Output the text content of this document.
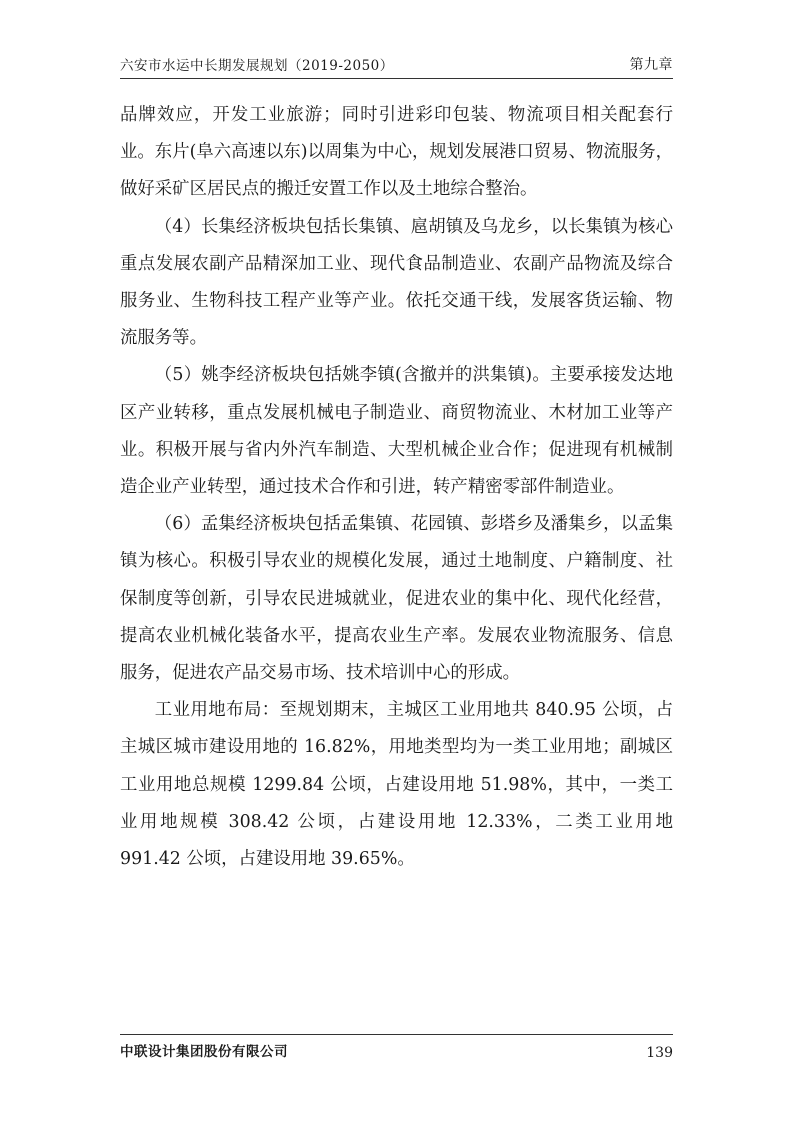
六安市水运中长期发展规划（2019-2050）	第九章

品牌效应，开发工业旅游；同时引进彩印包装、物流项目相关配套行业。东片(阜六高速以东)以周集为中心，规划发展港口贸易、物流服务，做好采矿区居民点的搬迁安置工作以及土地综合整治。

（4）长集经济板块包括长集镇、扈胡镇及乌龙乡，以长集镇为核心重点发展农副产品精深加工业、现代食品制造业、农副产品物流及综合服务业、生物科技工程产业等产业。依托交通干线，发展客货运输、物流服务等。

（5）姚李经济板块包括姚李镇(含撤并的洪集镇)。主要承接发达地区产业转移，重点发展机械电子制造业、商贸物流业、木材加工业等产业。积极开展与省内外汽车制造、大型机械企业合作；促进现有机械制造企业产业转型，通过技术合作和引进，转产精密零部件制造业。

（6）孟集经济板块包括孟集镇、花园镇、彭塔乡及潘集乡，以孟集镇为核心。积极引导农业的规模化发展，通过土地制度、户籍制度、社保制度等创新，引导农民进城就业，促进农业的集中化、现代化经营，提高农业机械化装备水平，提高农业生产率。发展农业物流服务、信息服务，促进农产品交易市场、技术培训中心的形成。

工业用地布局：至规划期末，主城区工业用地共 840.95 公顷，占主城区城市建设用地的 16.82%，用地类型均为一类工业用地；副城区工业用地总规模 1299.84 公顷，占建设用地 51.98%，其中，一类工业用地规模 308.42 公顷，占建设用地 12.33%，二类工业用地 991.42 公顷，占建设用地 39.65%。

中联设计集团股份有限公司	139
